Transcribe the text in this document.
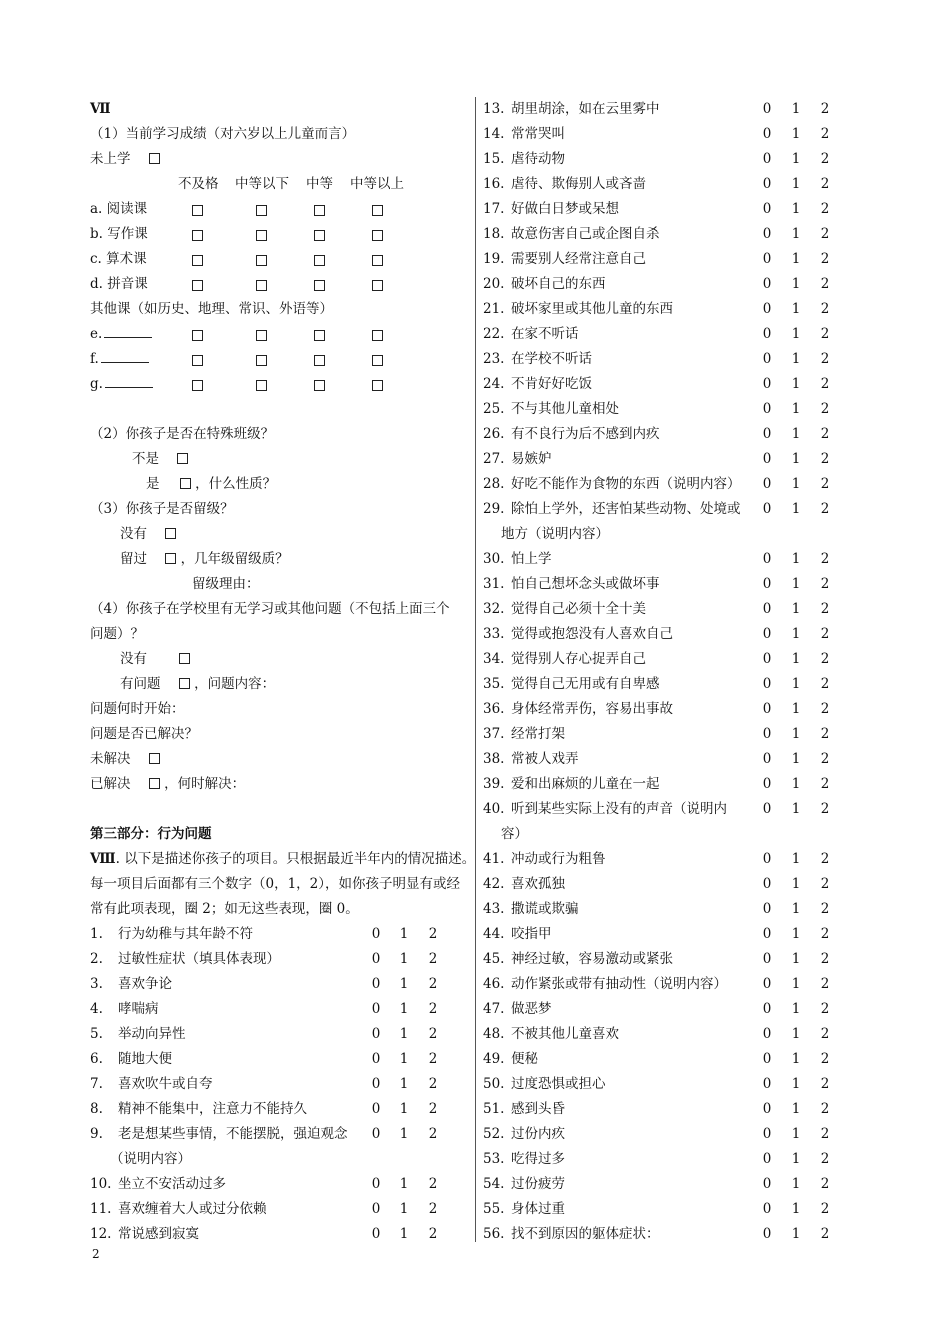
Ⅶ
（1）当前学习成绩（对六岁以上儿童而言）
未上学
不及格 中等以下 中等 中等以上
a. 阅读课
b. 写作课
c. 算术课
d. 拼音课
其他课（如历史、地理、常识、外语等）
e.
f.
g.
（2）你孩子是否在特殊班级？
不是
是	，什么性质？
（3）你孩子是否留级？
没有
留过 ，几年级留级质？
留级理由：
（4）你孩子在学校里有无学习或其他问题（不包括上面三个
问题）？
没有
有问题 ，问题内容：
问题何时开始：
问题是否已解决？
未解决
已解决 ，何时解决：
第三部分：行为问题
Ⅷ. 以下是描述你孩子的项目。只根据最近半年内的情况描述。
每一项目后面都有三个数字（0，1，2），如你孩子明显有或经
常有此项表现，圈 2；如无这些表现，圈 0。
1. 行为幼稚与其年龄不符	0 1 2
2. 过敏性症状（填具体表现）	0 1 2
3. 喜欢争论	0 1 2
4. 哮喘病	0 1 2
5. 举动向异性	0 1 2
6. 随地大便	0 1 2
7. 喜欢吹牛或自夸	0 1 2
8. 精神不能集中，注意力不能持久	0 1 2
9. 老是想某些事情，不能摆脱，强迫观念 0 1 2
（说明内容）
10. 坐立不安活动过多	0 1 2
11. 喜欢缠着大人或过分依赖	0 1 2
12. 常说感到寂寞	0 1 2
13. 胡里胡涂，如在云里雾中	0 1 2
14. 常常哭叫	0 1 2
15. 虐待动物	0 1 2
16. 虐待、欺侮别人或吝啬	0 1 2
17. 好做白日梦或呆想	0 1 2
18. 故意伤害自己或企图自杀	0 1 2
19. 需要别人经常注意自己	0 1 2
20. 破坏自己的东西	0 1 2
21. 破坏家里或其他儿童的东西	0 1 2
22. 在家不听话	0 1 2
23. 在学校不听话	0 1 2
24. 不肯好好吃饭	0 1 2
25. 不与其他儿童相处	0 1 2
26. 有不良行为后不感到内疚	0 1 2
27. 易嫉妒	0 1 2
28. 好吃不能作为食物的东西（说明内容） 0 1 2
29. 除怕上学外，还害怕某些动物、处境或 0 1 2
地方（说明内容）
30. 怕上学	0 1 2
31. 怕自己想坏念头或做坏事	0 1 2
32. 觉得自己必须十全十美	0 1 2
33. 觉得或抱怨没有人喜欢自己	0 1 2
34. 觉得别人存心捉弄自己	0 1 2
35. 觉得自己无用或有自卑感	0 1 2
36. 身体经常弄伤，容易出事故	0 1 2
37. 经常打架	0 1 2
38. 常被人戏弄	0 1 2
39. 爱和出麻烦的儿童在一起	0 1 2
40. 听到某些实际上没有的声音（说明内	0 1 2
容）
41. 冲动或行为粗鲁	0 1 2
42. 喜欢孤独	0 1 2
43. 撒谎或欺骗	0 1 2
44. 咬指甲	0 1 2
45. 神经过敏，容易激动或紧张	0 1 2
46. 动作紧张或带有抽动性（说明内容）	0 1 2
47. 做恶梦	0 1 2
48. 不被其他儿童喜欢	0 1 2
49. 便秘	0 1 2
50. 过度恐惧或担心	0 1 2
51. 感到头昏	0 1 2
52. 过份内疚	0 1 2
53. 吃得过多	0 1 2
54. 过份疲劳	0 1 2
55. 身体过重	0 1 2
56. 找不到原因的躯体症状：	0 1 2
2
